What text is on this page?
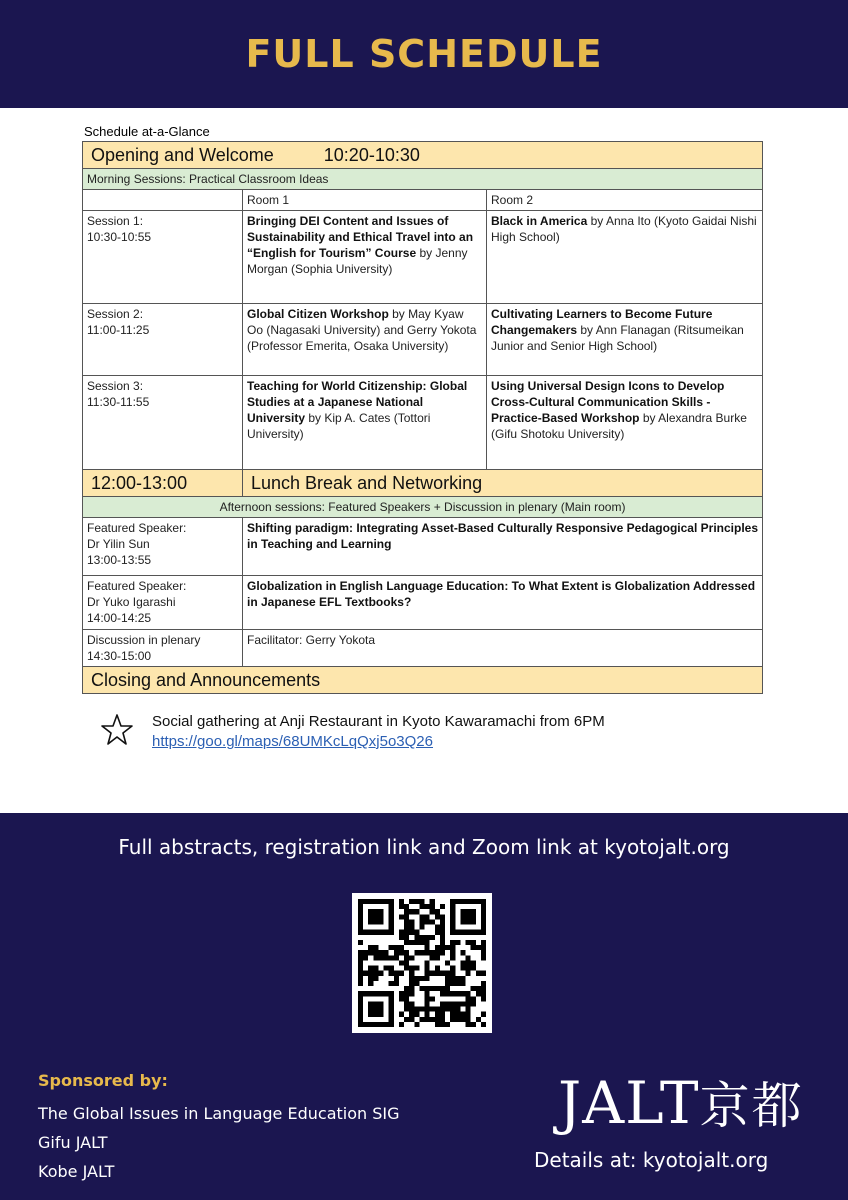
FULL SCHEDULE
Schedule at-a-Glance
Opening and Welcome 10:20-10:30		
Morning Sessions: Practical Classroom Ideas		
	Room 1	Room 2

Session 1:
10:30-10:55	Bringing DEI Content and Issues of Sustainability and Ethical Travel into an “English for Tourism” Course by Jenny Morgan (Sophia University)	Black in America by Anna Ito (Kyoto Gaidai Nishi High School)

Session 2:
11:00-11:25	Global Citizen Workshop by May Kyaw Oo (Nagasaki University) and Gerry Yokota (Professor Emerita, Osaka University)	Cultivating Learners to Become Future Changemakers by Ann Flanagan (Ritsumeikan Junior and Senior High School)

Session 3:
11:30-11:55	Teaching for World Citizenship: Global Studies at a Japanese National University by Kip A. Cates (Tottori University)	Using Universal Design Icons to Develop Cross-Cultural Communication Skills - Practice-Based Workshop by Alexandra Burke (Gifu Shotoku University)
12:00-13:00	Lunch Break and Networking	
Afternoon sessions: Featured Speakers + Discussion in plenary (Main room)		

Featured Speaker:
Dr Yilin Sun
13:00-13:55	Shifting paradigm: Integrating Asset-Based Culturally Responsive Pedagogical Principles in Teaching and Learning	

Featured Speaker:
Dr Yuko Igarashi
14:00-14:25	Globalization in English Language Education: To What Extent is Globalization Addressed in Japanese EFL Textbooks?	

Discussion in plenary
14:30-15:00	Facilitator: Gerry Yokota	
Closing and Announcements		
Social gathering at Anji Restaurant in Kyoto Kawaramachi from 6PM
https://goo.gl/maps/68UMKcLqQxj5o3Q26
Full abstracts, registration link and Zoom link at kyotojalt.org
Sponsored by:
The Global Issues in Language Education SIG
Gifu JALT
Kobe JALT
JALT京都
Details at: kyotojalt.org
